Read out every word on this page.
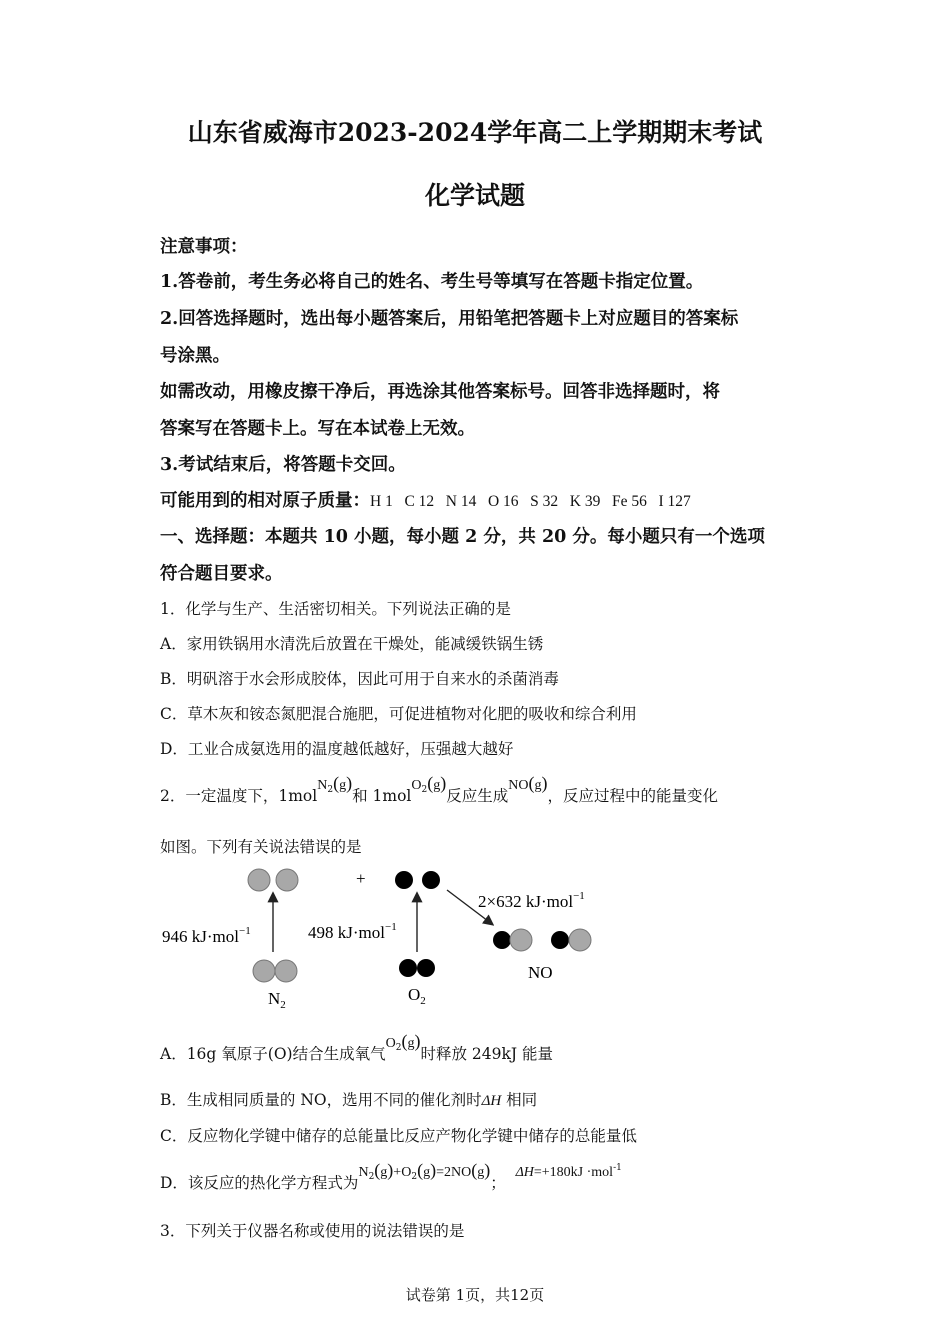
山东省威海市2023-2024学年高二上学期期末考试
化学试题
注意事项：
1.答卷前，考生务必将自己的姓名、考生号等填写在答题卡指定位置。
2.回答选择题时，选出每小题答案后，用铅笔把答题卡上对应题目的答案标
号涂黑。
如需改动，用橡皮擦干净后，再选涂其他答案标号。回答非选择题时，将
答案写在答题卡上。写在本试卷上无效。
3.考试结束后，将答题卡交回。
可能用到的相对原子质量：H 1   C 12   N 14   O 16   S 32   K 39   Fe 56   I 127
一、选择题：本题共 10 小题，每小题 2 分，共 20 分。每小题只有一个选项
符合题目要求。
1．化学与生产、生活密切相关。下列说法正确的是
A．家用铁锅用水清洗后放置在干燥处，能减缓铁锅生锈
B．明矾溶于水会形成胶体，因此可用于自来水的杀菌消毒
C．草木灰和铵态氮肥混合施肥，可促进植物对化肥的吸收和综合利用
D．工业合成氨选用的温度越低越好，压强越大越好
2．一定温度下，1molN$_2$(g)和 1molO$_2$(g)反应生成NO(g)，反应过程中的能量变化
如图。下列有关说法错误的是
+
946 kJ·mol$^{-1}$	498 kJ·mol$^{-1}$
2×632 kJ·mol$^{-1}$
NO
$N_2$
$O_2$
A．16g 氧原子(O)结合生成氧气$O_2(g)$时释放 249kJ 能量
B．生成相同质量的 NO，选用不同的催化剂时ΔH 相同
C．反应物化学键中储存的总能量比反应产物化学键中储存的总能量低
D．该反应的热化学方程式为$N_2(g)+O_2(g)=2NO(g)$；  ΔH=+180kJ ·mol$^{-1}$
3．下列关于仪器名称或使用的说法错误的是
试卷第 1页，共12页
